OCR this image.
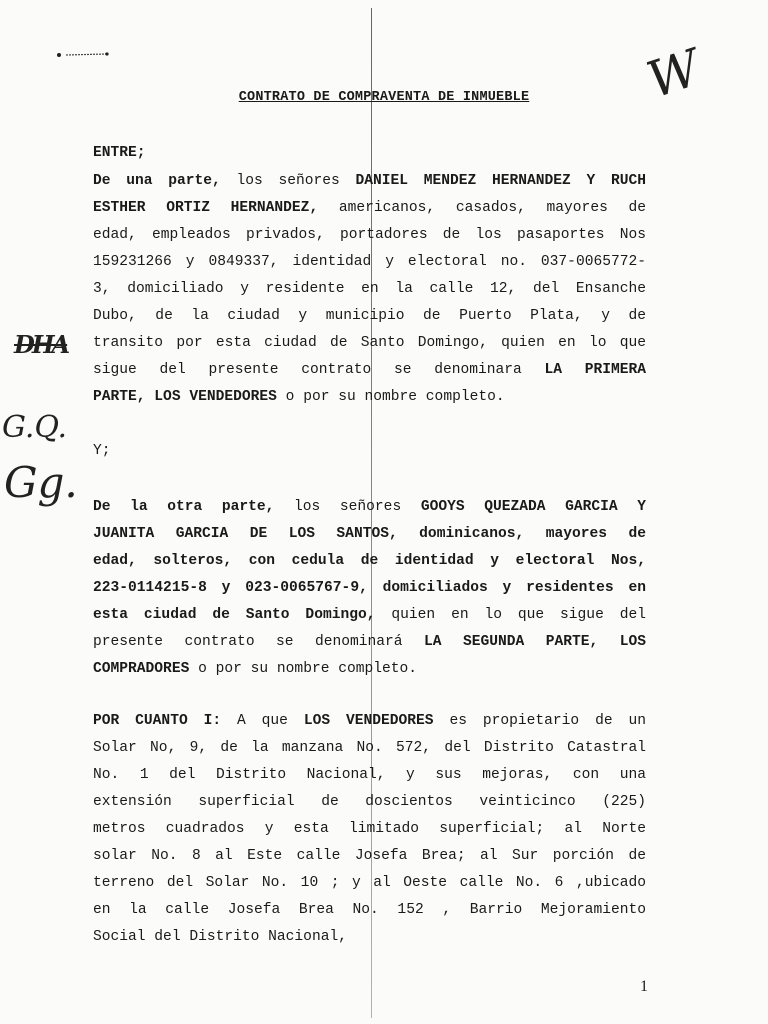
CONTRATO DE COMPRAVENTA DE INMUEBLE	W
DHA
G.Q.
Gg.
ENTRE;
De una parte, los señores DANIEL MENDEZ HERNANDEZ Y RUCH
ESTHER ORTIZ HERNANDEZ, americanos, casados, mayores de
edad, empleados privados, portadores de los pasaportes Nos
159231266 y 0849337, identidad y electoral no. 037-0065772-
3, domiciliado y residente en la calle 12, del Ensanche
Dubo, de la ciudad y municipio de Puerto Plata, y de
transito por esta ciudad de Santo Domingo, quien en lo que
sigue del presente contrato se denominara LA PRIMERA
PARTE, LOS VENDEDORES o por su nombre completo.
Y;
De la otra parte, los señores GOOYS QUEZADA GARCIA Y
JUANITA GARCIA DE LOS SANTOS, dominicanos, mayores de
edad, solteros, con cedula de identidad y electoral Nos,
223-0114215-8 y 023-0065767-9, domiciliados y residentes en
esta ciudad de Santo Domingo, quien en lo que sigue del
presente contrato se denominará LA SEGUNDA PARTE, LOS
COMPRADORES o por su nombre completo.
POR CUANTO I: A que LOS VENDEDORES es propietario de un
Solar No, 9, de la manzana No. 572, del Distrito Catastral
No. 1 del Distrito Nacional, y sus mejoras, con una
extensión superficial de doscientos veinticinco (225)
metros cuadrados y esta limitado superficial; al Norte
solar No. 8 al Este calle Josefa Brea; al Sur porción de
terreno del Solar No. 10 ; y al Oeste calle No. 6 ,ubicado
en la calle Josefa Brea No. 152 , Barrio Mejoramiento
Social del Distrito Nacional,
1
